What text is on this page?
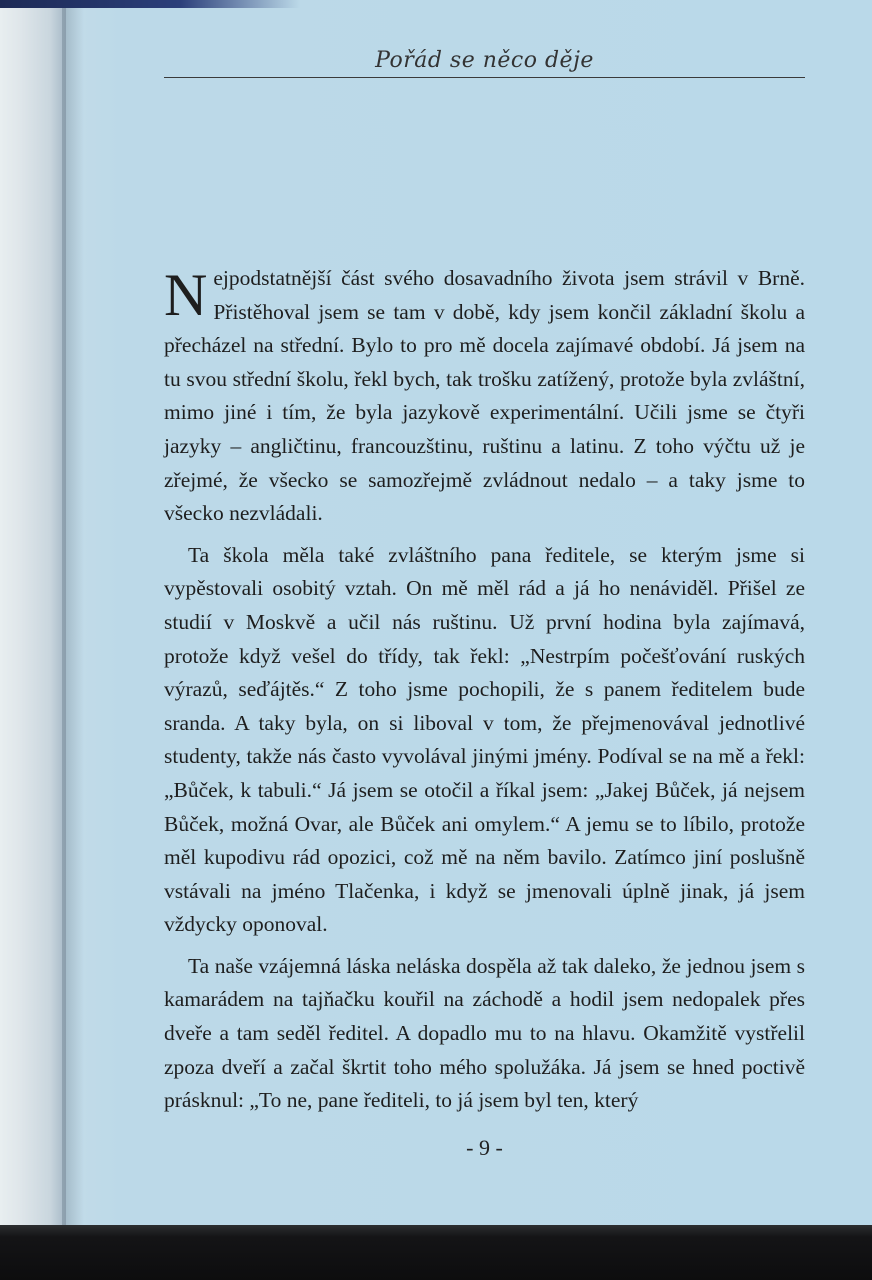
Pořád se něco děje

Nejpodstatnější část svého dosavadního života jsem strávil v Brně. Přistěhoval jsem se tam v době, kdy jsem končil základní školu a přecházel na střední. Bylo to pro mě docela zajímavé období. Já jsem na tu svou střední školu, řekl bych, tak trošku zatížený, protože byla zvláštní, mimo jiné i tím, že byla jazykově experimentální. Učili jsme se čtyři jazyky – angličtinu, francouzštinu, ruštinu a latinu. Z toho výčtu už je zřejmé, že všecko se samozřejmě zvládnout nedalo – a taky jsme to všecko nezvládali.

Ta škola měla také zvláštního pana ředitele, se kterým jsme si vypěstovali osobitý vztah. On mě měl rád a já ho nenáviděl. Přišel ze studií v Moskvě a učil nás ruštinu. Už první hodina byla zajímavá, protože když vešel do třídy, tak řekl: „Nestrpím počešťování ruských výrazů, seďájtěs.“ Z toho jsme pochopili, že s panem ředitelem bude sranda. A taky byla, on si liboval v tom, že přejmenovával jednotlivé studenty, takže nás často vyvolával jinými jmény. Podíval se na mě a řekl: „Bůček, k tabuli.“ Já jsem se otočil a říkal jsem: „Jakej Bůček, já nejsem Bůček, možná Ovar, ale Bůček ani omylem.“ A jemu se to líbilo, protože měl kupodivu rád opozici, což mě na něm bavilo. Zatímco jiní poslušně vstávali na jméno Tlačenka, i když se jmenovali úplně jinak, já jsem vždycky oponoval.

Ta naše vzájemná láska neláska dospěla až tak daleko, že jednou jsem s kamarádem na tajňačku kouřil na záchodě a hodil jsem nedopalek přes dveře a tam seděl ředitel. A dopadlo mu to na hlavu. Okamžitě vystřelil zpoza dveří a začal škrtit toho mého spolužáka. Já jsem se hned poctivě prásknul: „To ne, pane řediteli, to já jsem byl ten, který

- 9 -
